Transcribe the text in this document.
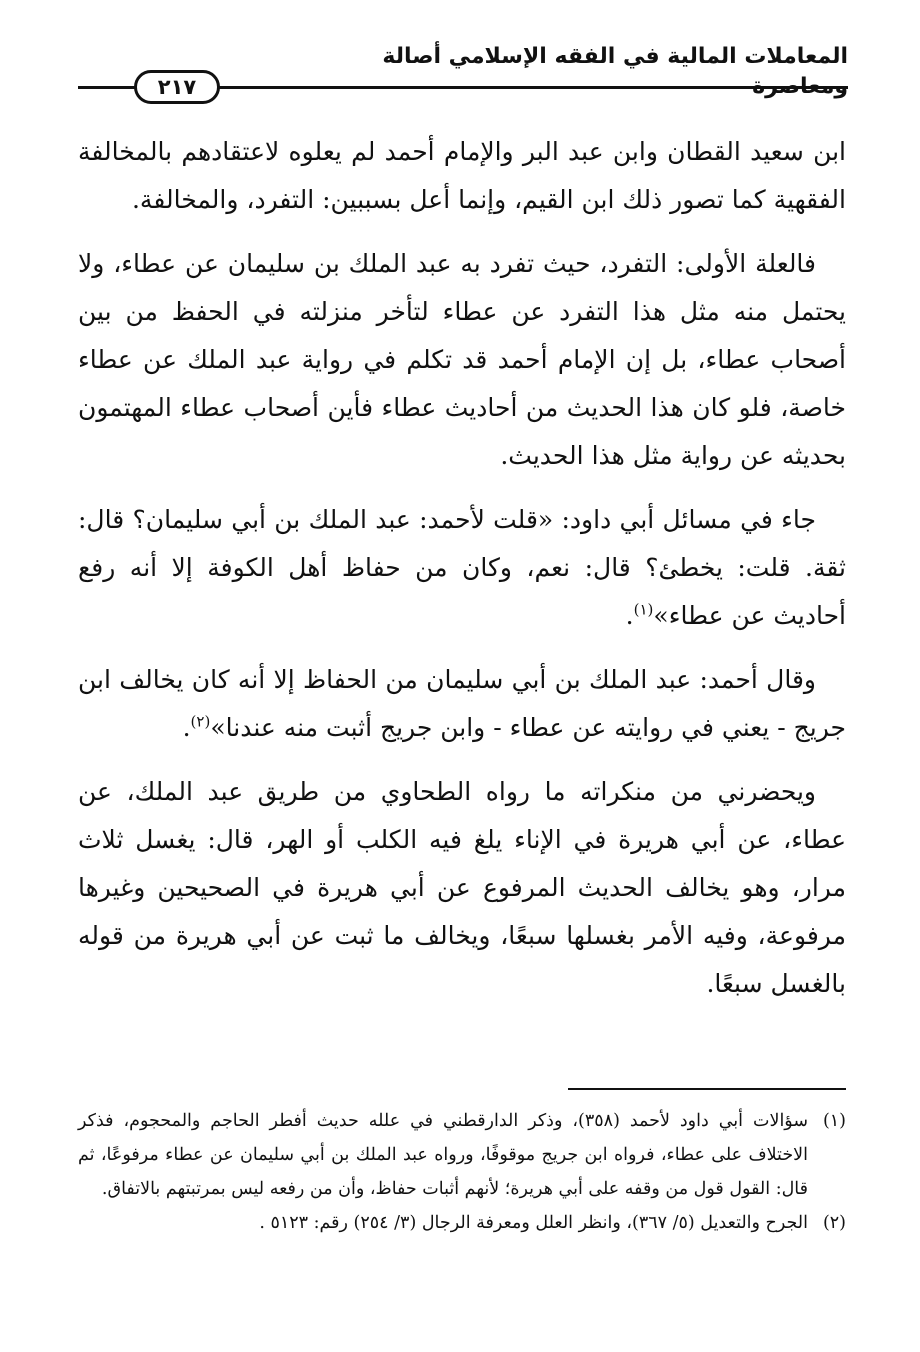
المعاملات المالية في الفقه الإسلامي أصالة ومعاصرة
٢١٧

ابن سعيد القطان وابن عبد البر والإمام أحمد لم يعلوه لاعتقادهم بالمخالفة الفقهية كما تصور ذلك ابن القيم، وإنما أعل بسببين: التفرد، والمخالفة.

فالعلة الأولى: التفرد، حيث تفرد به عبد الملك بن سليمان عن عطاء، ولا يحتمل منه مثل هذا التفرد عن عطاء لتأخر منزلته في الحفظ من بين أصحاب عطاء، بل إن الإمام أحمد قد تكلم في رواية عبد الملك عن عطاء خاصة، فلو كان هذا الحديث من أحاديث عطاء فأين أصحاب عطاء المهتمون بحديثه عن رواية مثل هذا الحديث.

جاء في مسائل أبي داود: «قلت لأحمد: عبد الملك بن أبي سليمان؟ قال: ثقة. قلت: يخطئ؟ قال: نعم، وكان من حفاظ أهل الكوفة إلا أنه رفع أحاديث عن عطاء»$^{(١)}$.

وقال أحمد: عبد الملك بن أبي سليمان من الحفاظ إلا أنه كان يخالف ابن جريج - يعني في روايته عن عطاء - وابن جريج أثبت منه عندنا»$^{(٢)}$.

ويحضرني من منكراته ما رواه الطحاوي من طريق عبد الملك، عن عطاء، عن أبي هريرة في الإناء يلغ فيه الكلب أو الهر، قال: يغسل ثلاث مرار، وهو يخالف الحديث المرفوع عن أبي هريرة في الصحيحين وغيرها مرفوعة، وفيه الأمر بغسلها سبعًا، ويخالف ما ثبت عن أبي هريرة من قوله بالغسل سبعًا.

(١)
سؤالات أبي داود لأحمد (٣٥٨)، وذكر الدارقطني في علله حديث أفطر الحاجم والمحجوم، فذكر الاختلاف على عطاء، فرواه ابن جريج موقوفًا، ورواه عبد الملك بن أبي سليمان عن عطاء مرفوعًا، ثم قال: القول قول من وقفه على أبي هريرة؛ لأنهم أثبات حفاظ، وأن من رفعه ليس بمرتبتهم بالاتفاق.
(٢)
الجرح والتعديل (٥/ ٣٦٧)، وانظر العلل ومعرفة الرجال (٣/ ٢٥٤) رقم: ٥١٢٣ .
